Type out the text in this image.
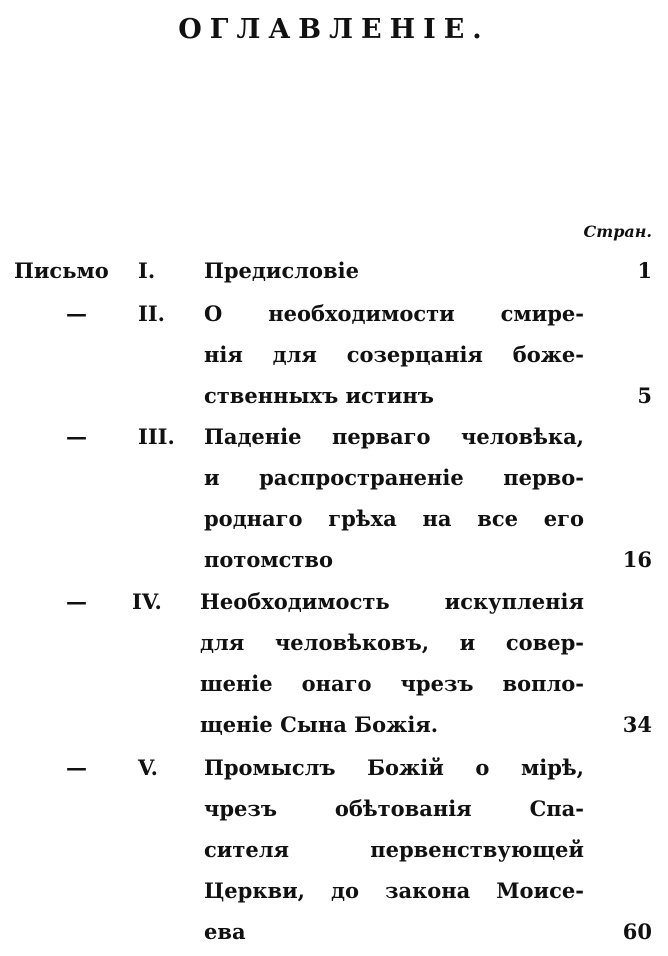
ОГЛАВЛЕНІЕ.
Стран.
Письмо I. Предисловіе	1
— II. О необходимости смире-
нія для созерцанія боже-
ственныхъ истинъ	5
— III. Паденіе перваго человѣка,
и распространеніе перво-
роднаго грѣха на все его
потомство	16
— IV. Необходимость искупленія
для человѣковъ, и совер-
шеніе онаго чрезъ вопло-
щеніе Сына Божія.	34
— V. Промыслъ Божій о мірѣ,
чрезъ обѣтованія Спа-
сителя первенствующей
Церкви, до закона Моисе-
ева	60
